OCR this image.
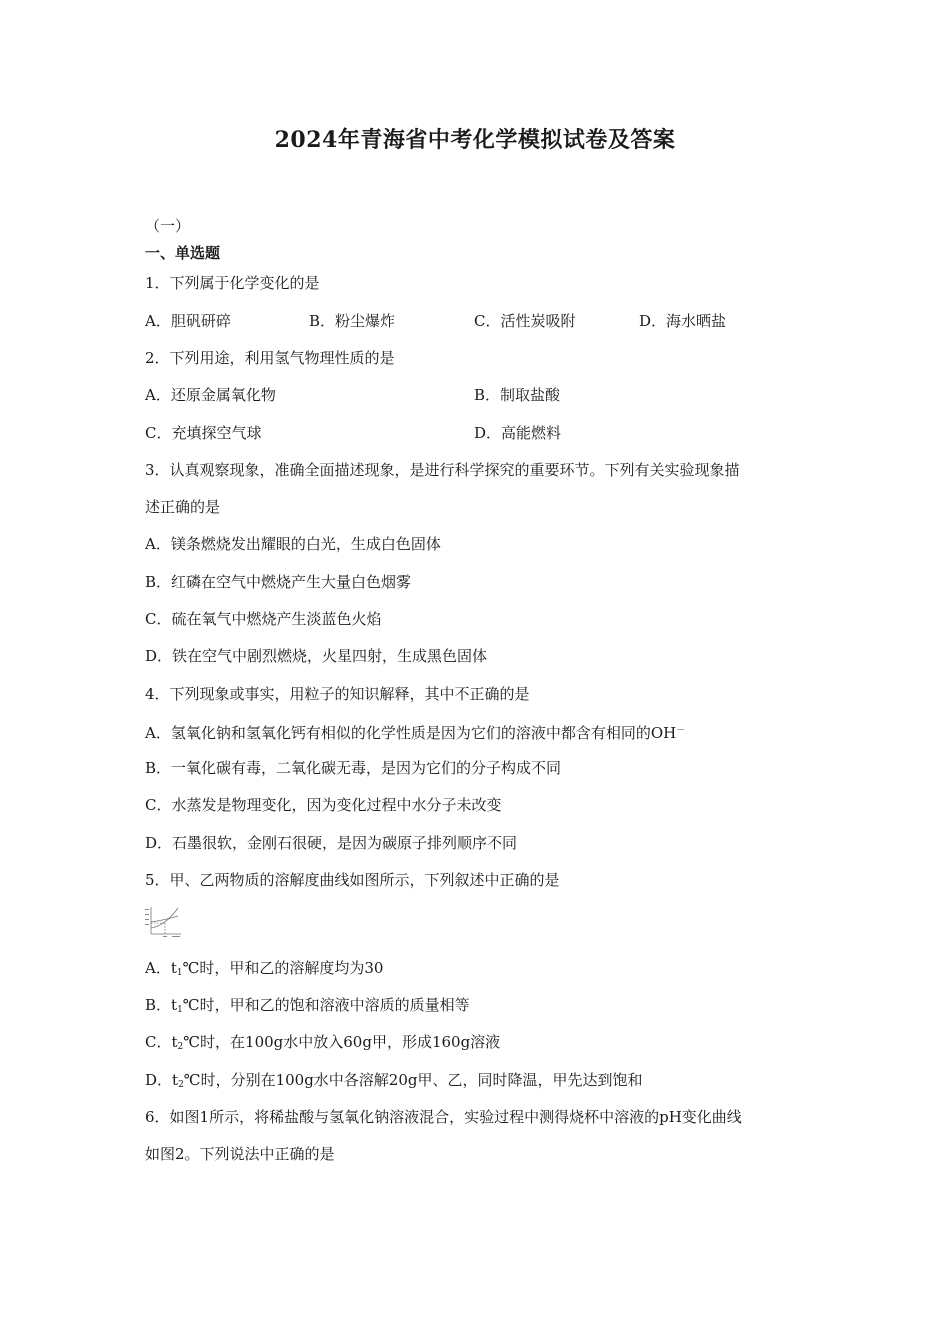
2024年青海省中考化学模拟试卷及答案
（一）
一、单选题
1．下列属于化学变化的是
A．胆矾研碎	B．粉尘爆炸	C．活性炭吸附	D．海水晒盐
2．下列用途，利用氢气物理性质的是
A．还原金属氧化物	B．制取盐酸
C．充填探空气球	D．高能燃料
3．认真观察现象，准确全面描述现象，是进行科学探究的重要环节。下列有关实验现象描
述正确的是
A．镁条燃烧发出耀眼的白光，生成白色固体
B．红磷在空气中燃烧产生大量白色烟雾
C．硫在氧气中燃烧产生淡蓝色火焰
D．铁在空气中剧烈燃烧，火星四射，生成黑色固体
4．下列现象或事实，用粒子的知识解释，其中不正确的是
A．氢氧化钠和氢氧化钙有相似的化学性质是因为它们的溶液中都含有相同的OH－
B．一氧化碳有毒，二氧化碳无毒，是因为它们的分子构成不同
C．水蒸发是物理变化，因为变化过程中水分子未改变
D．石墨很软，金刚石很硬，是因为碳原子排列顺序不同
5．甲、乙两物质的溶解度曲线如图所示，下列叙述中正确的是
A．$t_1℃$时，甲和乙的溶解度均为30
B．$t_1℃$时，甲和乙的饱和溶液中溶质的质量相等
C．$t_2℃$时，在100g水中放入60g甲，形成160g溶液
D．$t_2℃$时，分别在100g水中各溶解20g甲、乙，同时降温，甲先达到饱和
6．如图1所示，将稀盐酸与氢氧化钠溶液混合，实验过程中测得烧杯中溶液的pH变化曲线
如图2。下列说法中正确的是
